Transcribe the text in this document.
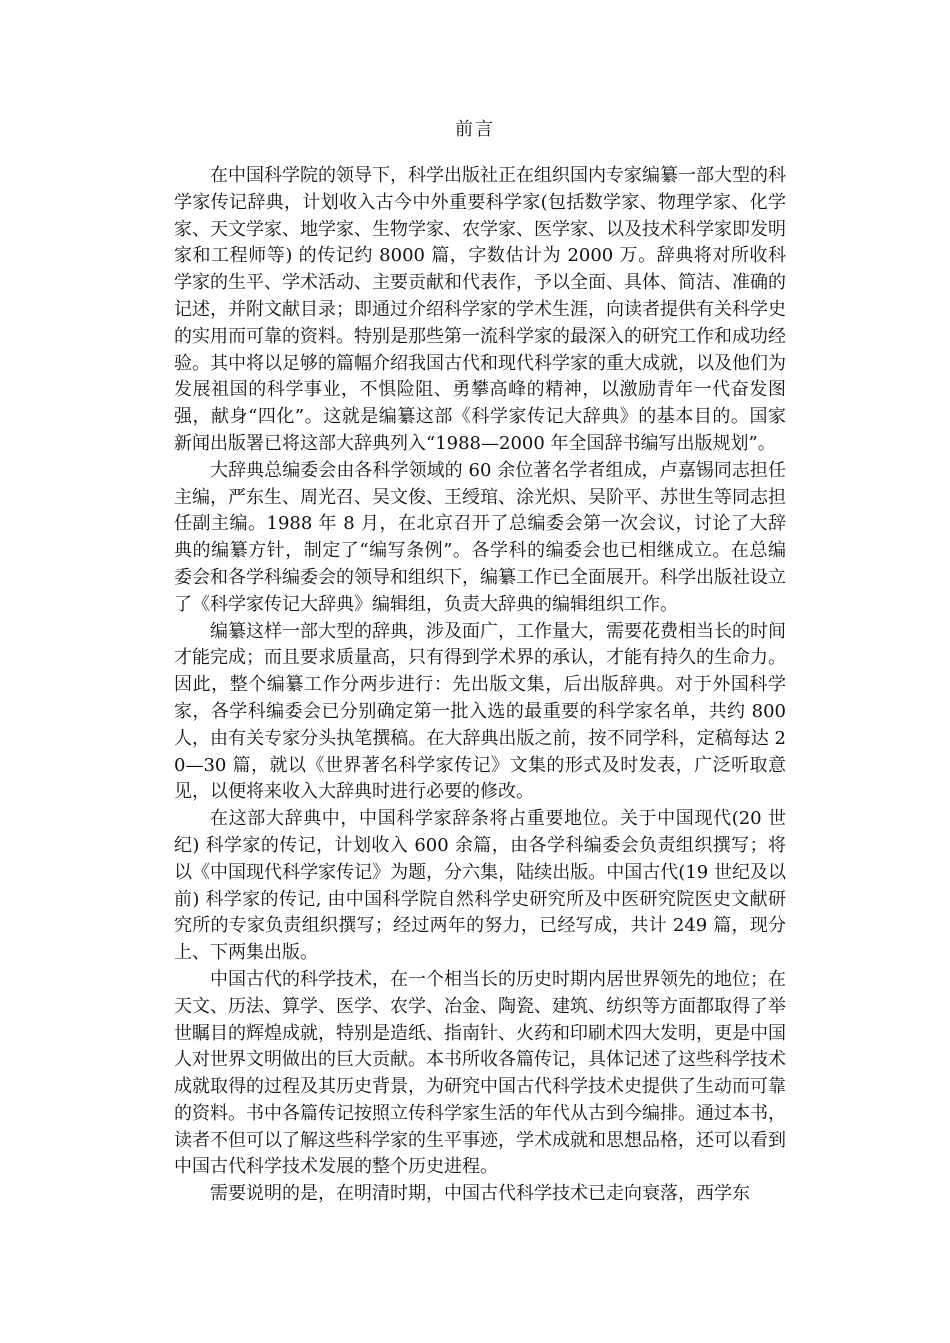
前言

在中国科学院的领导下，科学出版社正在组织国内专家编纂一部大型的科学家传记辞典，计划收入古今中外重要科学家(包括数学家、物理学家、化学家、天文学家、地学家、生物学家、农学家、医学家、以及技术科学家即发明家和工程师等) 的传记约 8000 篇，字数估计为 2000 万。辞典将对所收科学家的生平、学术活动、主要贡献和代表作，予以全面、具体、简洁、准确的记述，并附文献目录；即通过介绍科学家的学术生涯，向读者提供有关科学史的实用而可靠的资料。特别是那些第一流科学家的最深入的研究工作和成功经验。其中将以足够的篇幅介绍我国古代和现代科学家的重大成就，以及他们为发展祖国的科学事业，不惧险阻、勇攀高峰的精神，以激励青年一代奋发图强，献身“四化”。这就是编纂这部《科学家传记大辞典》的基本目的。国家新闻出版署已将这部大辞典列入“1988—2000 年全国辞书编写出版规划”。

大辞典总编委会由各科学领域的 60 余位著名学者组成，卢嘉锡同志担任主编，严东生、周光召、吴文俊、王绶琯、涂光炽、吴阶平、苏世生等同志担任副主编。1988 年 8 月，在北京召开了总编委会第一次会议，讨论了大辞典的编纂方针，制定了“编写条例”。各学科的编委会也已相继成立。在总编委会和各学科编委会的领导和组织下，编纂工作已全面展开。科学出版社设立了《科学家传记大辞典》编辑组，负责大辞典的编辑组织工作。

编纂这样一部大型的辞典，涉及面广，工作量大，需要花费相当长的时间才能完成；而且要求质量高，只有得到学术界的承认，才能有持久的生命力。因此，整个编纂工作分两步进行：先出版文集，后出版辞典。对于外国科学家，各学科编委会已分别确定第一批入选的最重要的科学家名单，共约 800 人，由有关专家分头执笔撰稿。在大辞典出版之前，按不同学科，定稿每达 20—30 篇，就以《世界著名科学家传记》文集的形式及时发表，广泛听取意见，以便将来收入大辞典时进行必要的修改。

在这部大辞典中，中国科学家辞条将占重要地位。关于中国现代(20 世纪) 科学家的传记，计划收入 600 余篇，由各学科编委会负责组织撰写；将以《中国现代科学家传记》为题，分六集，陆续出版。中国古代(19 世纪及以前) 科学家的传记, 由中国科学院自然科学史研究所及中医研究院医史文献研究所的专家负责组织撰写；经过两年的努力，已经写成，共计 249 篇，现分上、下两集出版。

中国古代的科学技术，在一个相当长的历史时期内居世界领先的地位；在天文、历法、算学、医学、农学、冶金、陶瓷、建筑、纺织等方面都取得了举世瞩目的辉煌成就，特别是造纸、指南针、火药和印刷术四大发明，更是中国人对世界文明做出的巨大贡献。本书所收各篇传记，具体记述了这些科学技术成就取得的过程及其历史背景，为研究中国古代科学技术史提供了生动而可靠的资料。书中各篇传记按照立传科学家生活的年代从古到今编排。通过本书，读者不但可以了解这些科学家的生平事迹，学术成就和思想品格，还可以看到中国古代科学技术发展的整个历史进程。

需要说明的是，在明清时期，中国古代科学技术已走向衰落，西学东
